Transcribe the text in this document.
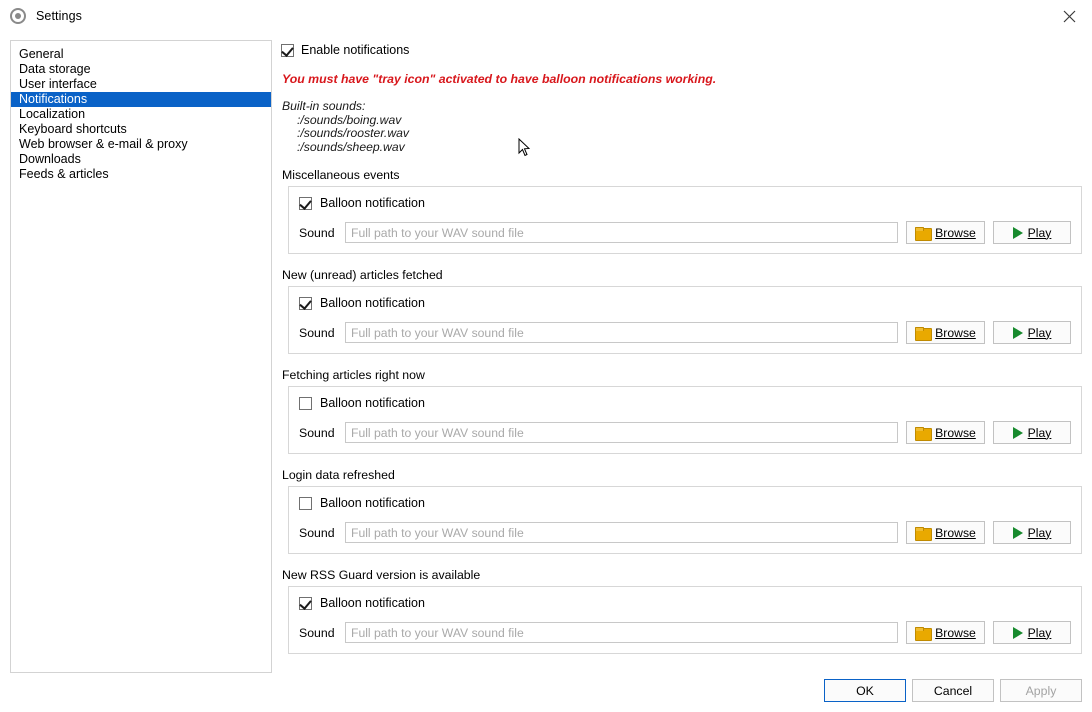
Settings
General
Data storage
User interface
Notifications
Localization
Keyboard shortcuts
Web browser & e-mail & proxy
Downloads
Feeds & articles
Enable notifications
You must have "tray icon" activated to have balloon notifications working.
Built-in sounds:
:/sounds/boing.wav
:/sounds/rooster.wav
:/sounds/sheep.wav
Miscellaneous events
Balloon notification
Sound
Full path to your WAV sound file	Browse	Play
New (unread) articles fetched
Balloon notification
Sound
Full path to your WAV sound file	Browse	Play
Fetching articles right now
Balloon notification
Sound
Full path to your WAV sound file	Browse	Play
Login data refreshed
Balloon notification
Sound
Full path to your WAV sound file	Browse	Play
New RSS Guard version is available
Balloon notification
Sound
Full path to your WAV sound file	Browse	Play
OK	Cancel	Apply
